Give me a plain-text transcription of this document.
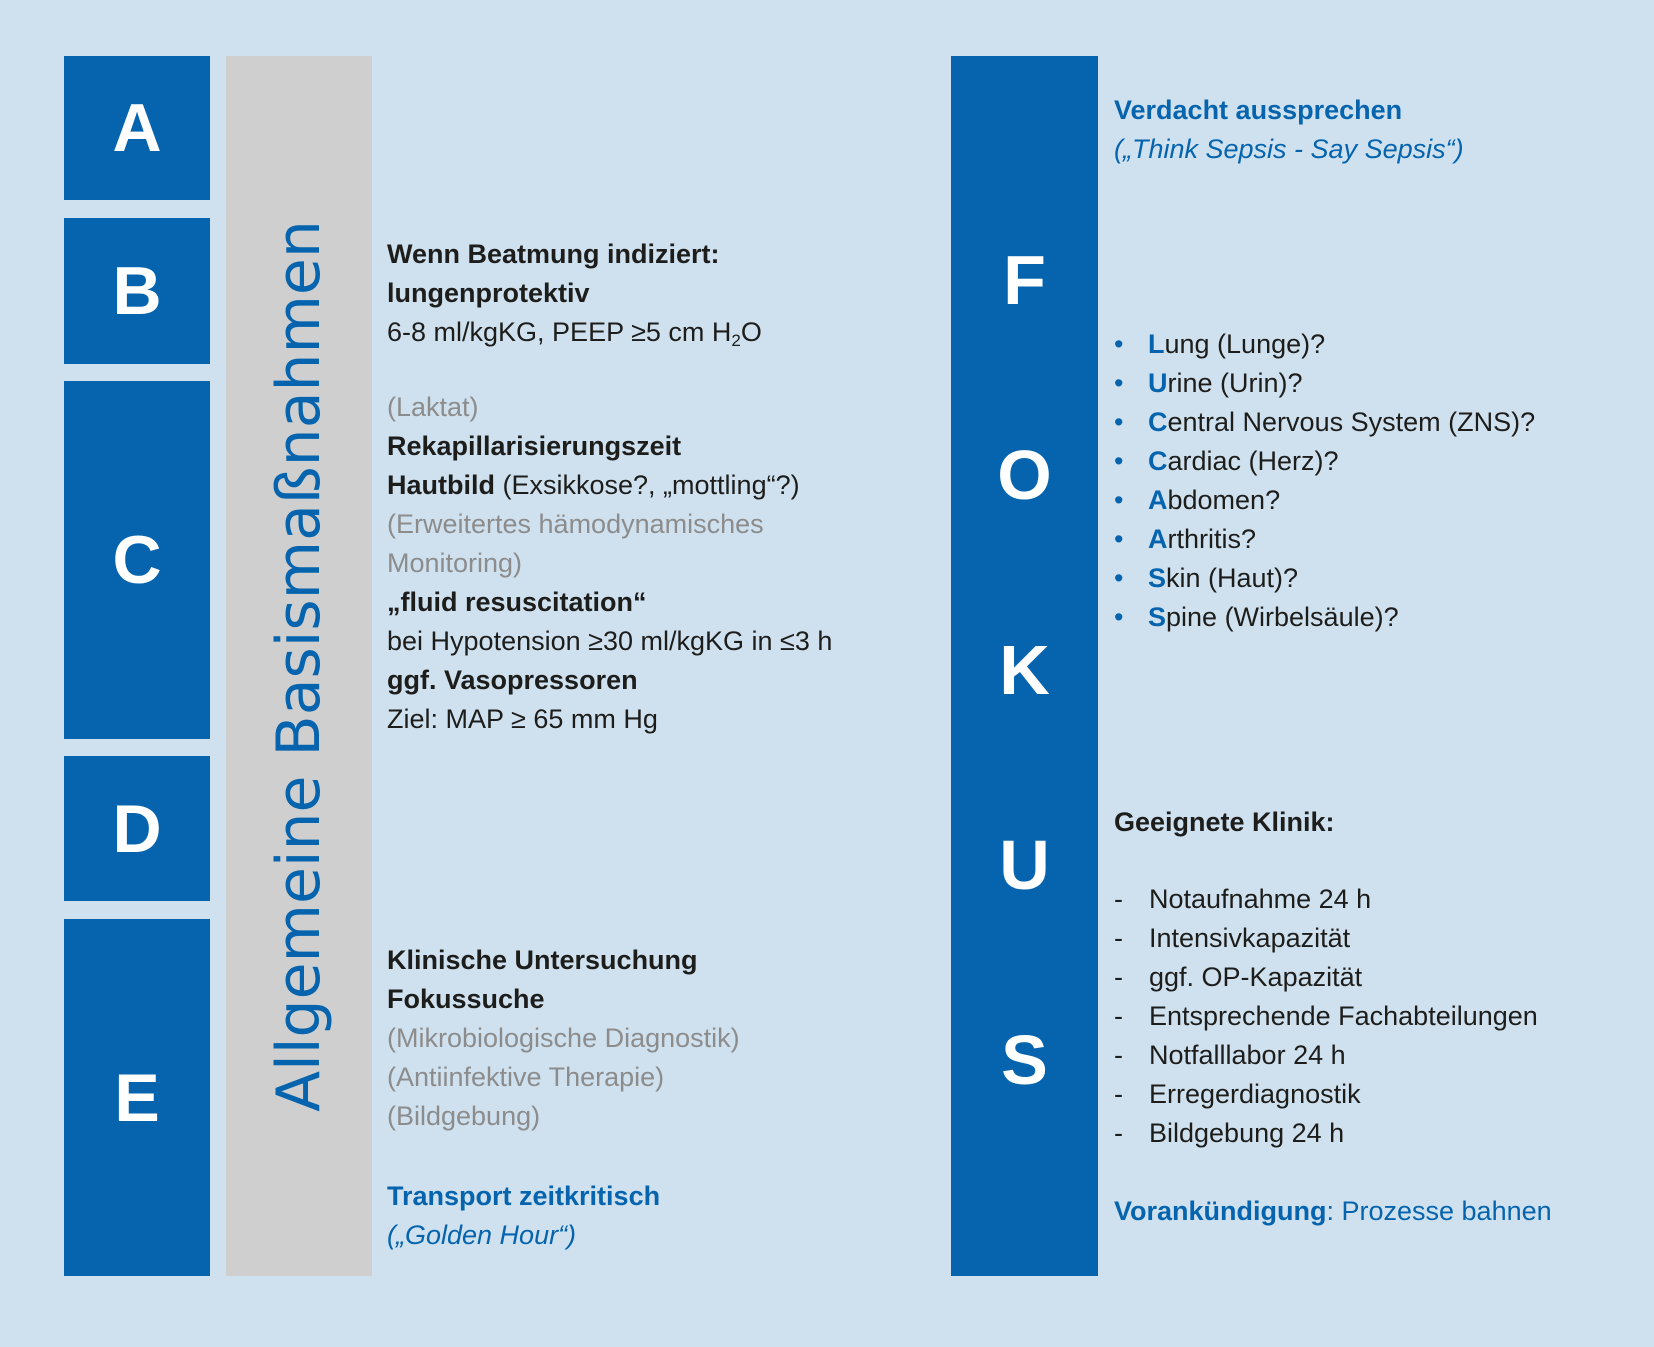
A
B
C
D
E Allgemeine Basismaßnahmen Wenn Beatmung indiziert:
lungenprotektiv
6-8 ml/kgKG, PEEP ≥5 cm $H_2O$
(Laktat)
Rekapillarisierungszeit
Hautbild (Exsikkose?, „mottling“?)
(Erweitertes hämodynamisches
Monitoring)
„fluid resuscitation“
bei Hypotension ≥30 ml/kgKG in ≤3 h
ggf. Vasopressoren
Ziel: MAP ≥ 65 mm Hg
Klinische Untersuchung
Fokussuche
(Mikrobiologische Diagnostik)
(Antiinfektive Therapie)
(Bildgebung)
Transport zeitkritisch
(„Golden Hour“)
F
O
K
U
S
Verdacht aussprechen
(„Think Sepsis - Say Sepsis“)
• Lung (Lunge)?
• Urine (Urin)?
• Central Nervous System (ZNS)?
• Cardiac (Herz)?
• Abdomen?
• Arthritis?
• Skin (Haut)?
• Spine (Wirbelsäule)?
Geeignete Klinik:
- Notaufnahme 24 h
- Intensivkapazität
- ggf. OP-Kapazität
- Entsprechende Fachabteilungen
- Notfalllabor 24 h
- Erregerdiagnostik
- Bildgebung 24 h
Vorankündigung: Prozesse bahnen
